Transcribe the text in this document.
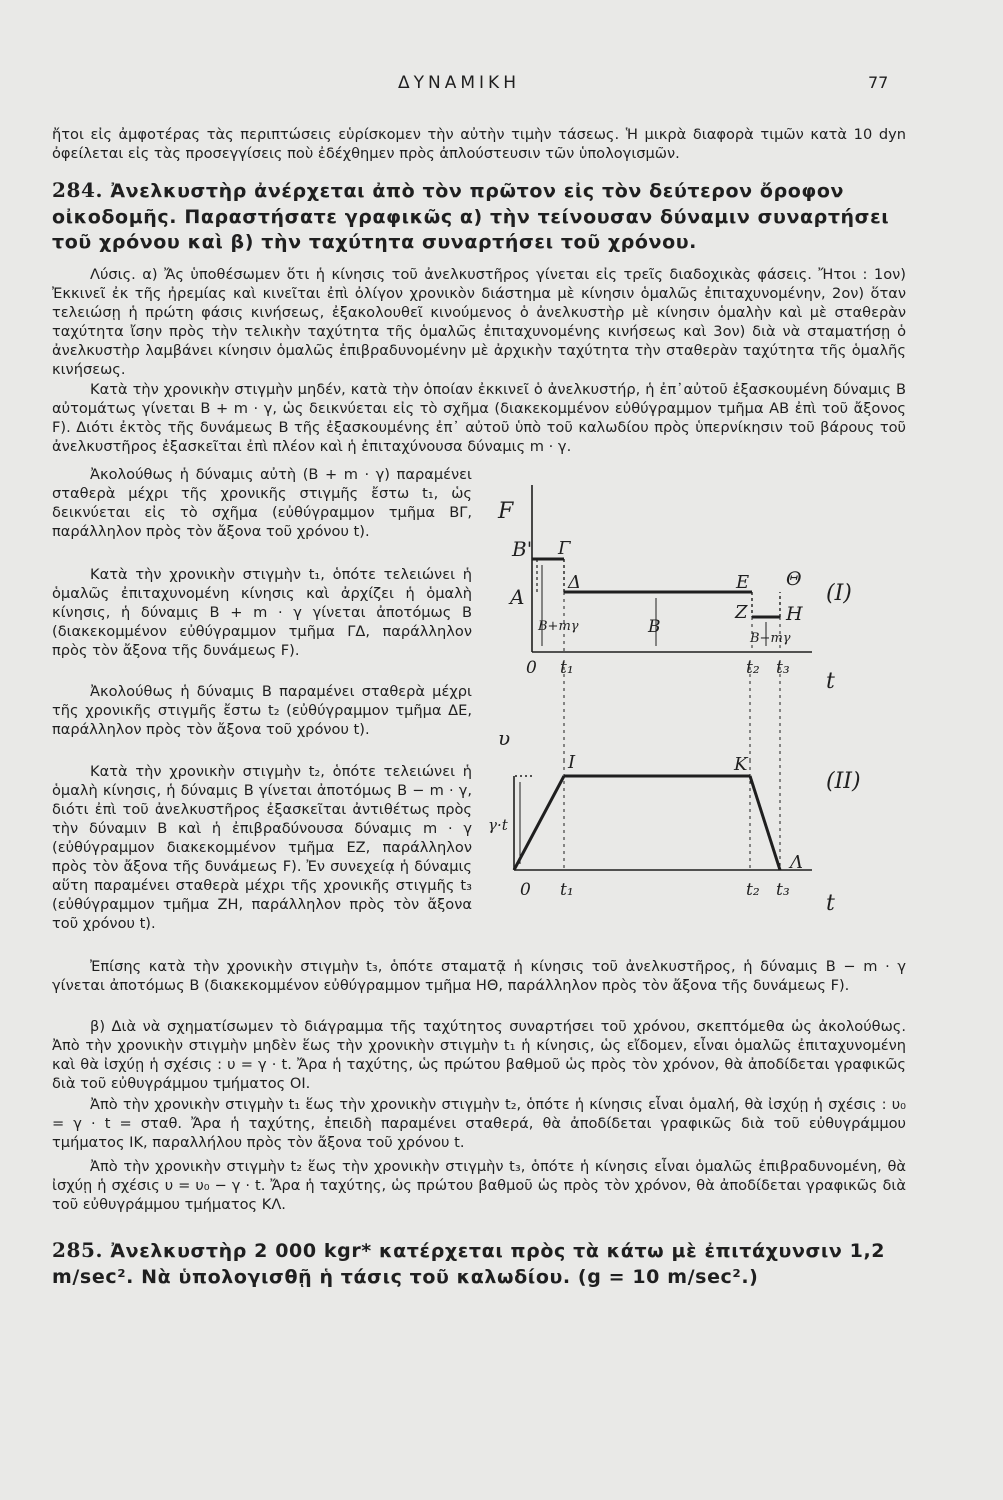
ΔΥΝΑΜΙΚΗ	77
ἤτοι εἰς ἀμφοτέρας τὰς περιπτώσεις εὑρίσκομεν τὴν αὐτὴν τιμὴν τάσεως. Ἡ μικρὰ διαφορὰ τιμῶν κατὰ 10 dyn ὀφείλεται εἰς τὰς προσεγγίσεις ποὺ ἐδέχθημεν πρὸς ἀπλούστευσιν τῶν ὑπολογισμῶν.
284. Ἀνελκυστὴρ ἀνέρχεται ἀπὸ τὸν πρῶτον εἰς τὸν δεύτερον ὄροφον οἰκοδομῆς. Παραστήσατε γραφικῶς α) τὴν τείνουσαν δύναμιν συναρτήσει τοῦ χρόνου καὶ β) τὴν ταχύτητα συναρτήσει τοῦ χρόνου.
Λύσις. α) Ἄς ὑποθέσωμεν ὅτι ἡ κίνησις τοῦ ἀνελκυστῆρος γίνεται εἰς τρεῖς διαδοχικὰς φάσεις. Ἤτοι : 1ον) Ἐκκινεῖ ἐκ τῆς ἠρεμίας καὶ κινεῖται ἐπὶ ὀλίγον χρονικὸν διάστημα μὲ κίνησιν ὁμαλῶς ἐπιταχυνομένην, 2ον) ὅταν τελειώσῃ ἡ πρώτη φάσις κινήσεως, ἐξακολουθεῖ κινούμενος ὁ ἀνελκυστὴρ μὲ κίνησιν ὁμαλὴν καὶ μὲ σταθερὰν ταχύτητα ἴσην πρὸς τὴν τελικὴν ταχύτητα τῆς ὁμαλῶς ἐπιταχυνομένης κινήσεως καὶ 3ον) διὰ νὰ σταματήσῃ ὁ ἀνελκυστὴρ λαμβάνει κίνησιν ὁμαλῶς ἐπιβραδυνομένην μὲ ἀρχικὴν ταχύτητα τὴν σταθερὰν ταχύτητα τῆς ὁμαλῆς κινήσεως.
Κατὰ τὴν χρονικὴν στιγμὴν μηδέν, κατὰ τὴν ὁποίαν ἐκκινεῖ ὁ ἀνελκυστήρ, ἡ ἐπ᾽αὐτοῦ ἐξασκουμένη δύναμις Β αὐτομάτως γίνεται Β + m · γ, ὡς δεικνύεται εἰς τὸ σχῆμα (διακεκομμένον εὐθύγραμμον τμῆμα ΑΒ ἐπὶ τοῦ ἄξονος F). Διότι ἐκτὸς τῆς δυνάμεως Β τῆς ἐξασκουμένης ἐπ᾽ αὐτοῦ ὑπὸ τοῦ καλωδίου πρὸς ὑπερνίκησιν τοῦ βάρους τοῦ ἀνελκυστῆρος ἐξασκεῖται ἐπὶ πλέον καὶ ἡ ἐπιταχύνουσα δύναμις m · γ.
Ἀκολούθως ἡ δύναμις αὐτὴ (Β + m · γ) παραμένει σταθερὰ μέχρι τῆς χρονικῆς στιγμῆς ἔστω t₁, ὡς δεικνύεται εἰς τὸ σχῆμα (εὐθύγραμμον τμῆμα ΒΓ, παράλληλον πρὸς τὸν ἄξονα τοῦ χρόνου t).
Κατὰ τὴν χρονικὴν στιγμὴν t₁, ὁπότε τελειώνει ἡ ὁμαλῶς ἐπιταχυνομένη κίνησις καὶ ἀρχίζει ἡ ὁμαλὴ κίνησις, ἡ δύναμις Β + m · γ γίνεται ἀποτόμως Β (διακεκομμένον εὐθύγραμμον τμῆμα ΓΔ, παράλληλον πρὸς τὸν ἄξονα τῆς δυνάμεως F).
Ἀκολούθως ἡ δύναμις Β παραμένει σταθερὰ μέχρι τῆς χρονικῆς στιγμῆς ἔστω t₂ (εὐθύγραμμον τμῆμα ΔΕ, παράλληλον πρὸς τὸν ἄξονα τοῦ χρόνου t).
Κατὰ τὴν χρονικὴν στιγμὴν t₂, ὁπότε τελειώνει ἡ ὁμαλὴ κίνησις, ἡ δύναμις Β γίνεται ἀποτόμως Β − m · γ, διότι ἐπὶ τοῦ ἀνελκυστῆρος ἐξασκεῖται ἀντιθέτως πρὸς τὴν δύναμιν Β καὶ ἡ ἐπιβραδύνουσα δύναμις m · γ (εὐθύγραμμον διακεκομμένον τμῆμα ΕΖ, παράλληλον πρὸς τὸν ἄξονα τῆς δυνάμεως F). Ἐν συνεχείᾳ ἡ δύναμις αὕτη παραμένει σταθερὰ μέχρι τῆς χρονικῆς στιγμῆς t₃ (εὐθύγραμμον τμῆμα ΖΗ, παράλληλον πρὸς τὸν ἄξονα τοῦ χρόνου t).
Ἐπίσης κατὰ τὴν χρονικὴν στιγμὴν t₃, ὁπότε σταματᾷ ἡ κίνησις τοῦ ἀνελκυστῆρος, ἡ δύναμις Β − m · γ γίνεται ἀποτόμως Β (διακεκομμένον εὐθύγραμμον τμῆμα ΗΘ, παράλληλον πρὸς τὸν ἄξονα τῆς δυνάμεως F).
β) Διὰ νὰ σχηματίσωμεν τὸ διάγραμμα τῆς ταχύτητος συναρτήσει τοῦ χρόνου, σκεπτόμεθα ὡς ἀκολούθως. Ἀπὸ τὴν χρονικὴν στιγμὴν μηδὲν ἕως τὴν χρονικὴν στιγμὴν t₁ ἡ κίνησις, ὡς εἴδομεν, εἶναι ὁμαλῶς ἐπιταχυνομένη καὶ θὰ ἰσχύῃ ἡ σχέσις : υ = γ · t. Ἄρα ἡ ταχύτης, ὡς πρώτου βαθμοῦ ὡς πρὸς τὸν χρόνον, θὰ ἀποδίδεται γραφικῶς διὰ τοῦ εὐθυγράμμου τμήματος ΟΙ.
Ἀπὸ τὴν χρονικὴν στιγμὴν t₁ ἕως τὴν χρονικὴν στιγμὴν t₂, ὁπότε ἡ κίνησις εἶναι ὁμαλή, θὰ ἰσχύῃ ἡ σχέσις : υ₀ = γ · t = σταθ. Ἄρα ἡ ταχύτης, ἐπειδὴ παραμένει σταθερά, θὰ ἀποδίδεται γραφικῶς διὰ τοῦ εὐθυγράμμου τμήματος ΙΚ, παραλλήλου πρὸς τὸν ἄξονα τοῦ χρόνου t.
Ἀπὸ τὴν χρονικὴν στιγμὴν t₂ ἕως τὴν χρονικὴν στιγμὴν t₃, ὁπότε ἡ κίνησις εἶναι ὁμαλῶς ἐπιβραδυνομένη, θὰ ἰσχύῃ ἡ σχέσις υ = υ₀ − γ · t. Ἄρα ἡ ταχύτης, ὡς πρώτου βαθμοῦ ὡς πρὸς τὸν χρόνον, θὰ ἀποδίδεται γραφικῶς διὰ τοῦ εὐθυγράμμου τμήματος ΚΛ.
285. Ἀνελκυστὴρ 2 000 kgr* κατέρχεται πρὸς τὰ κάτω μὲ ἐπιτάχυνσιν 1,2 m/sec². Νὰ ὑπολογισθῇ ἡ τάσις τοῦ καλωδίου. (g = 10 m/sec².)
F
B' Γ
A
Δ	E Θ
Z H
B+mγ	B
B−mγ
(I)
0 t₁	t₂ t₃
t
υ
I	K
γ·t
Λ
(II)
0 t₁	t₂ t₃
t
